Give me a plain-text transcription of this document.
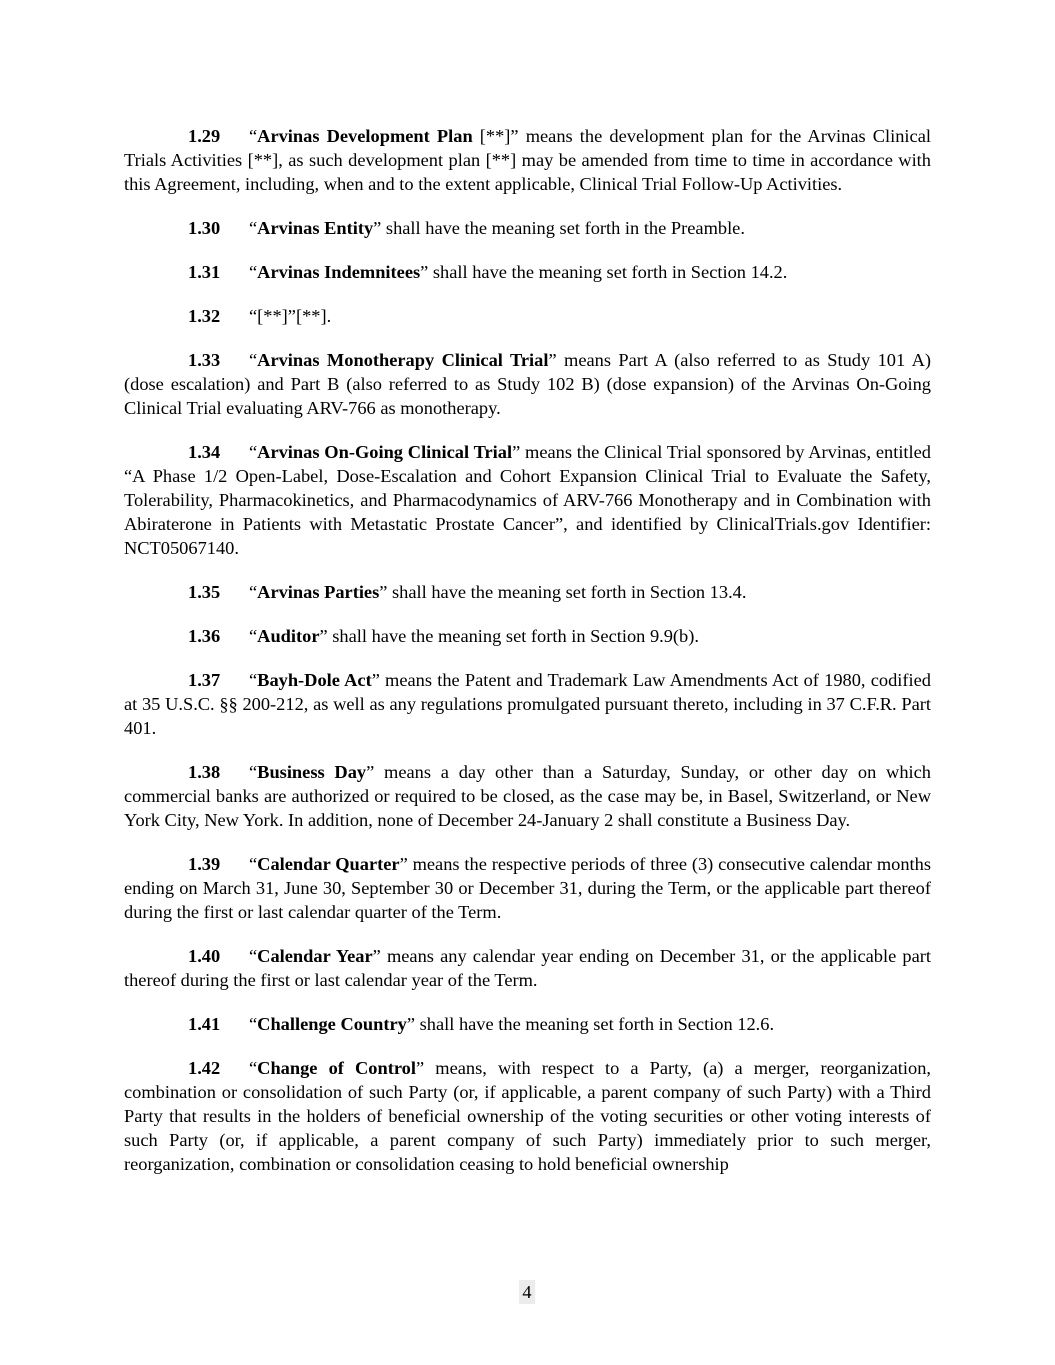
1.29 “Arvinas Development Plan [**]” means the development plan for the Arvinas Clinical Trials Activities [**], as such development plan [**] may be amended from time to time in accordance with this Agreement, including, when and to the extent applicable, Clinical Trial Follow-Up Activities.

1.30 “Arvinas Entity” shall have the meaning set forth in the Preamble.

1.31 “Arvinas Indemnitees” shall have the meaning set forth in Section 14.2.

1.32 “[**]”[**].

1.33 “Arvinas Monotherapy Clinical Trial” means Part A (also referred to as Study 101 A) (dose escalation) and Part B (also referred to as Study 102 B) (dose expansion) of the Arvinas On-Going Clinical Trial evaluating ARV-766 as monotherapy.

1.34 “Arvinas On-Going Clinical Trial” means the Clinical Trial sponsored by Arvinas, entitled “A Phase 1/2 Open-Label, Dose-Escalation and Cohort Expansion Clinical Trial to Evaluate the Safety, Tolerability, Pharmacokinetics, and Pharmacodynamics of ARV-766 Monotherapy and in Combination with Abiraterone in Patients with Metastatic Prostate Cancer”, and identified by ClinicalTrials.gov Identifier: NCT05067140.

1.35 “Arvinas Parties” shall have the meaning set forth in Section 13.4.

1.36 “Auditor” shall have the meaning set forth in Section 9.9(b).

1.37 “Bayh-Dole Act” means the Patent and Trademark Law Amendments Act of 1980, codified at 35 U.S.C. §§ 200-212, as well as any regulations promulgated pursuant thereto, including in 37 C.F.R. Part 401.

1.38 “Business Day” means a day other than a Saturday, Sunday, or other day on which commercial banks are authorized or required to be closed, as the case may be, in Basel, Switzerland, or New York City, New York. In addition, none of December 24-January 2 shall constitute a Business Day.

1.39 “Calendar Quarter” means the respective periods of three (3) consecutive calendar months ending on March 31, June 30, September 30 or December 31, during the Term, or the applicable part thereof during the first or last calendar quarter of the Term.

1.40 “Calendar Year” means any calendar year ending on December 31, or the applicable part thereof during the first or last calendar year of the Term.

1.41 “Challenge Country” shall have the meaning set forth in Section 12.6.

1.42 “Change of Control” means, with respect to a Party, (a) a merger, reorganization, combination or consolidation of such Party (or, if applicable, a parent company of such Party) with a Third Party that results in the holders of beneficial ownership of the voting securities or other voting interests of such Party (or, if applicable, a parent company of such Party) immediately prior to such merger, reorganization, combination or consolidation ceasing to hold beneficial ownership

4
